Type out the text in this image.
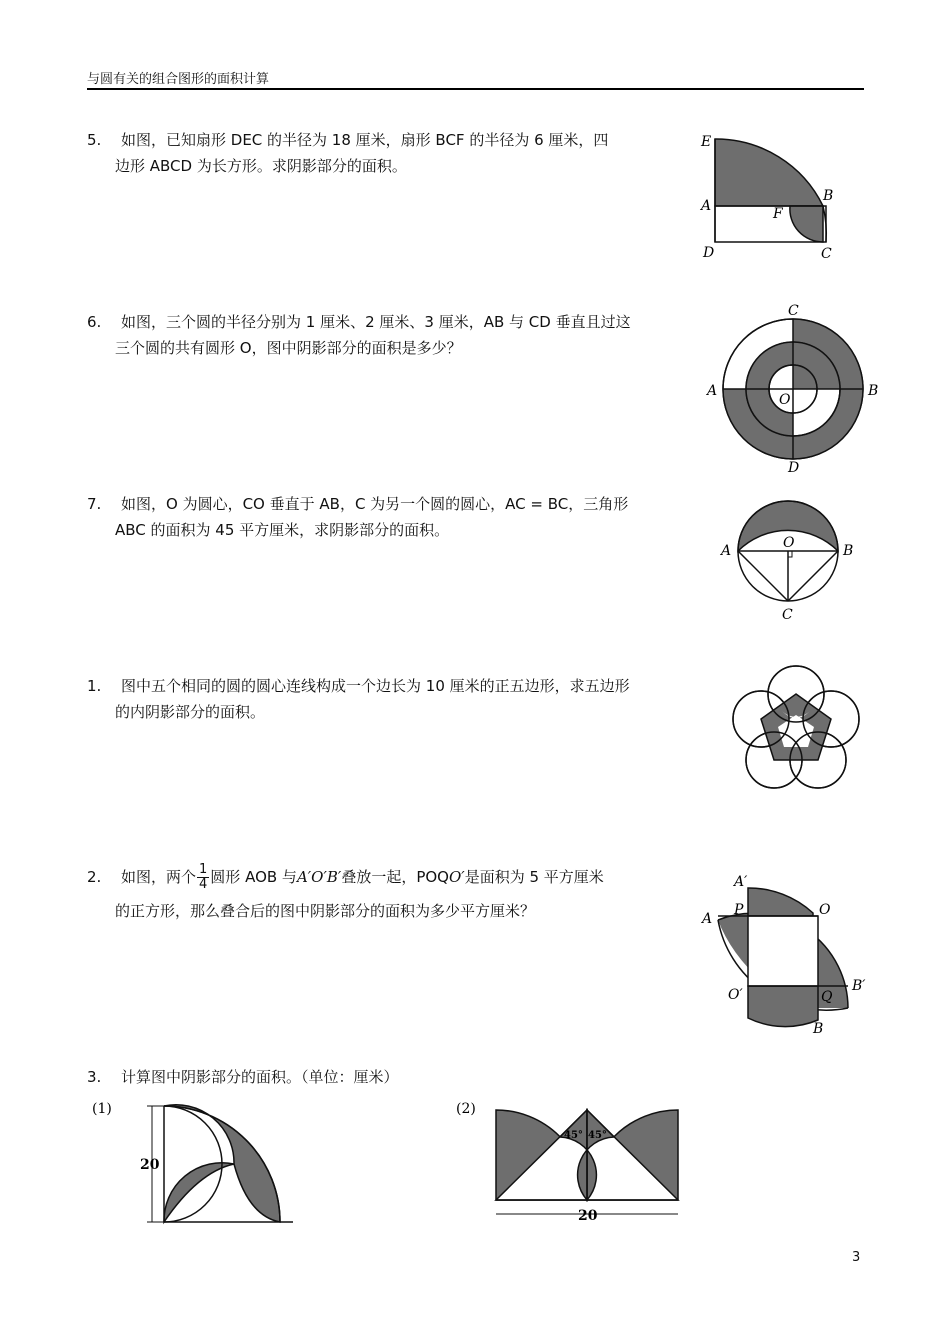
与圆有关的组合图形的面积计算
5. 如图，已知扇形 DEC 的半径为 18 厘米，扇形 BCF 的半径为 6 厘米，四
边形 ABCD 为长方形。求阴影部分的面积。
6. 如图，三个圆的半径分别为 1 厘米、2 厘米、3 厘米，AB 与 CD 垂直且过这
三个圆的共有圆形 O，图中阴影部分的面积是多少？
7. 如图，O 为圆心，CO 垂直于 AB，C 为另一个圆的圆心，AC = BC，三角形
ABC 的面积为 45 平方厘米，求阴影部分的面积。
1. 图中五个相同的圆的圆心连线构成一个边长为 10 厘米的正五边形，求五边形
的内阴影部分的面积。
2. 如图，两个 $\frac{1}{4}$ 圆形 AOB 与A′O′B′叠放一起，POQO′是面积为 5 平方厘米
的正方形，那么叠合后的图中阴影部分的面积为多少平方厘米？
3. 计算图中阴影部分的面积。（单位：厘米）
E
A
D
B
F
C
C
A	B
O
D
A	O	B
C
A′
A
P	O
O′	Q
B′
B
(1)
20
(2)
45° 45°
20
3
